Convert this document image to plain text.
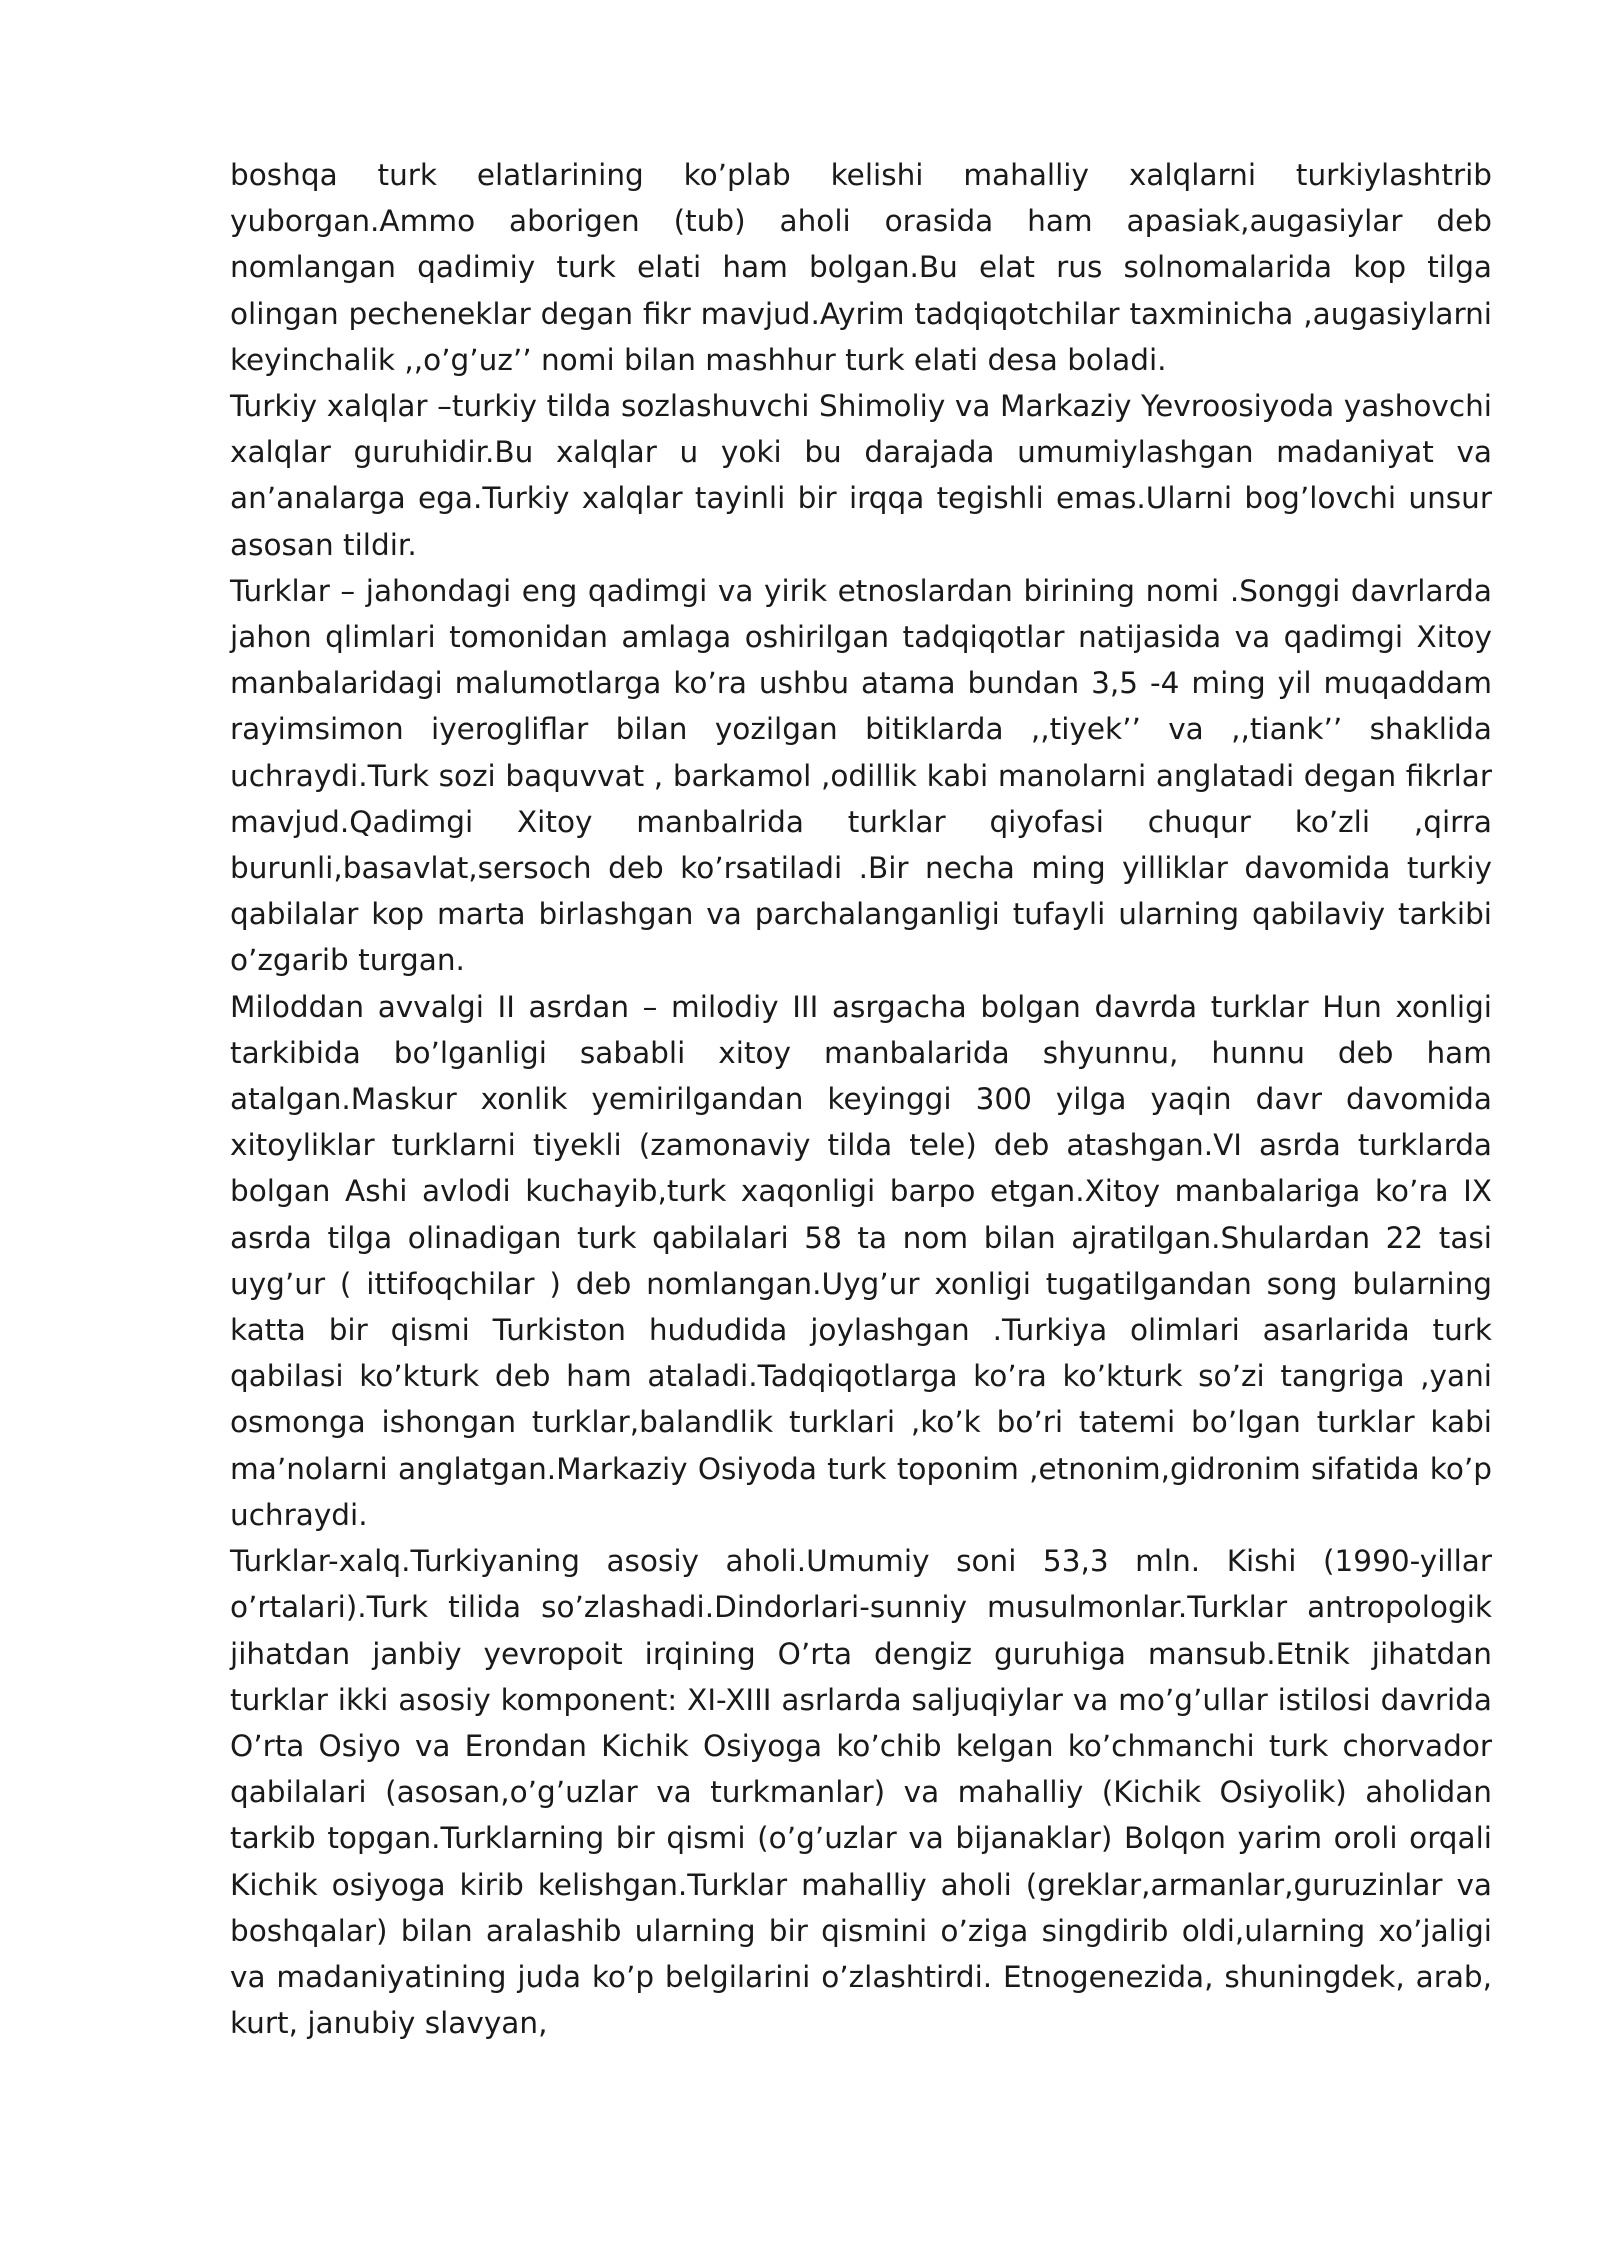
boshqa turk elatlarining ko’plab kelishi mahalliy xalqlarni turkiylashtrib yuborgan.Ammo aborigen (tub) aholi orasida ham apasiak,augasiylar deb nomlangan qadimiy turk elati ham bolgan.Bu elat rus solnomalarida kop tilga olingan pecheneklar degan fikr mavjud.Ayrim tadqiqotchilar taxminicha ,augasiylarni keyinchalik ,,o’g’uz’’ nomi bilan mashhur turk elati desa boladi.

Turkiy xalqlar –turkiy tilda sozlashuvchi Shimoliy va Markaziy Yevroosiyoda yashovchi xalqlar guruhidir.Bu xalqlar u yoki bu darajada umumiylashgan madaniyat va an’analarga ega.Turkiy xalqlar tayinli bir irqqa tegishli emas.Ularni bog’lovchi unsur asosan tildir.

Turklar – jahondagi eng qadimgi va yirik etnoslardan birining nomi .Songgi davrlarda jahon qlimlari tomonidan amlaga oshirilgan tadqiqotlar natijasida va qadimgi Xitoy manbalaridagi malumotlarga ko’ra ushbu atama bundan 3,5 -4 ming yil muqaddam rayimsimon iyerogliflar bilan yozilgan bitiklarda ,,tiyek’’ va ,,tiank’’ shaklida uchraydi.Turk sozi baquvvat , barkamol ,odillik kabi manolarni anglatadi degan fikrlar mavjud.Qadimgi Xitoy manbalrida turklar qiyofasi chuqur ko’zli ,qirra burunli,basavlat,sersoch deb ko’rsatiladi .Bir necha ming yilliklar davomida turkiy qabilalar kop marta birlashgan va parchalanganligi tufayli ularning qabilaviy tarkibi o’zgarib turgan.

Miloddan avvalgi II asrdan – milodiy III asrgacha bolgan davrda turklar Hun xonligi tarkibida bo’lganligi sababli xitoy manbalarida shyunnu, hunnu deb ham atalgan.Maskur xonlik yemirilgandan keyinggi 300 yilga yaqin davr davomida xitoyliklar turklarni tiyekli (zamonaviy tilda tele) deb atashgan.VI asrda turklarda bolgan Ashi avlodi kuchayib,turk xaqonligi barpo etgan.Xitoy manbalariga ko’ra IX asrda tilga olinadigan turk qabilalari 58 ta nom bilan ajratilgan.Shulardan 22 tasi uyg’ur ( ittifoqchilar ) deb nomlangan.Uyg’ur xonligi tugatilgandan song bularning katta bir qismi Turkiston hududida joylashgan .Turkiya olimlari asarlarida turk qabilasi ko’kturk deb ham ataladi.Tadqiqotlarga ko’ra ko’kturk so’zi tangriga ,yani osmonga ishongan turklar,balandlik turklari ,ko’k bo’ri tatemi bo’lgan turklar kabi ma’nolarni anglatgan.Markaziy Osiyoda turk toponim ,etnonim,gidronim sifatida ko’p uchraydi.

Turklar-xalq.Turkiyaning asosiy aholi.Umumiy soni 53,3 mln. Kishi (1990-yillar o’rtalari).Turk tilida so’zlashadi.Dindorlari-sunniy musulmonlar.Turklar antropologik jihatdan janbiy yevropoit irqining O’rta dengiz guruhiga mansub.Etnik jihatdan turklar ikki asosiy komponent: XI-XIII asrlarda saljuqiylar va mo’g’ullar istilosi davrida O’rta Osiyo va Erondan Kichik Osiyoga ko’chib kelgan ko’chmanchi turk chorvador qabilalari (asosan,o’g’uzlar va turkmanlar) va mahalliy (Kichik Osiyolik) aholidan tarkib topgan.Turklarning bir qismi (o’g’uzlar va bijanaklar) Bolqon yarim oroli orqali Kichik osiyoga kirib kelishgan.Turklar mahalliy aholi (greklar,armanlar,guruzinlar va boshqalar) bilan aralashib ularning bir qismini o’ziga singdirib oldi,ularning xo’jaligi va madaniyatining juda ko’p belgilarini o’zlashtirdi. Etnogenezida, shuningdek, arab, kurt, janubiy slavyan,
